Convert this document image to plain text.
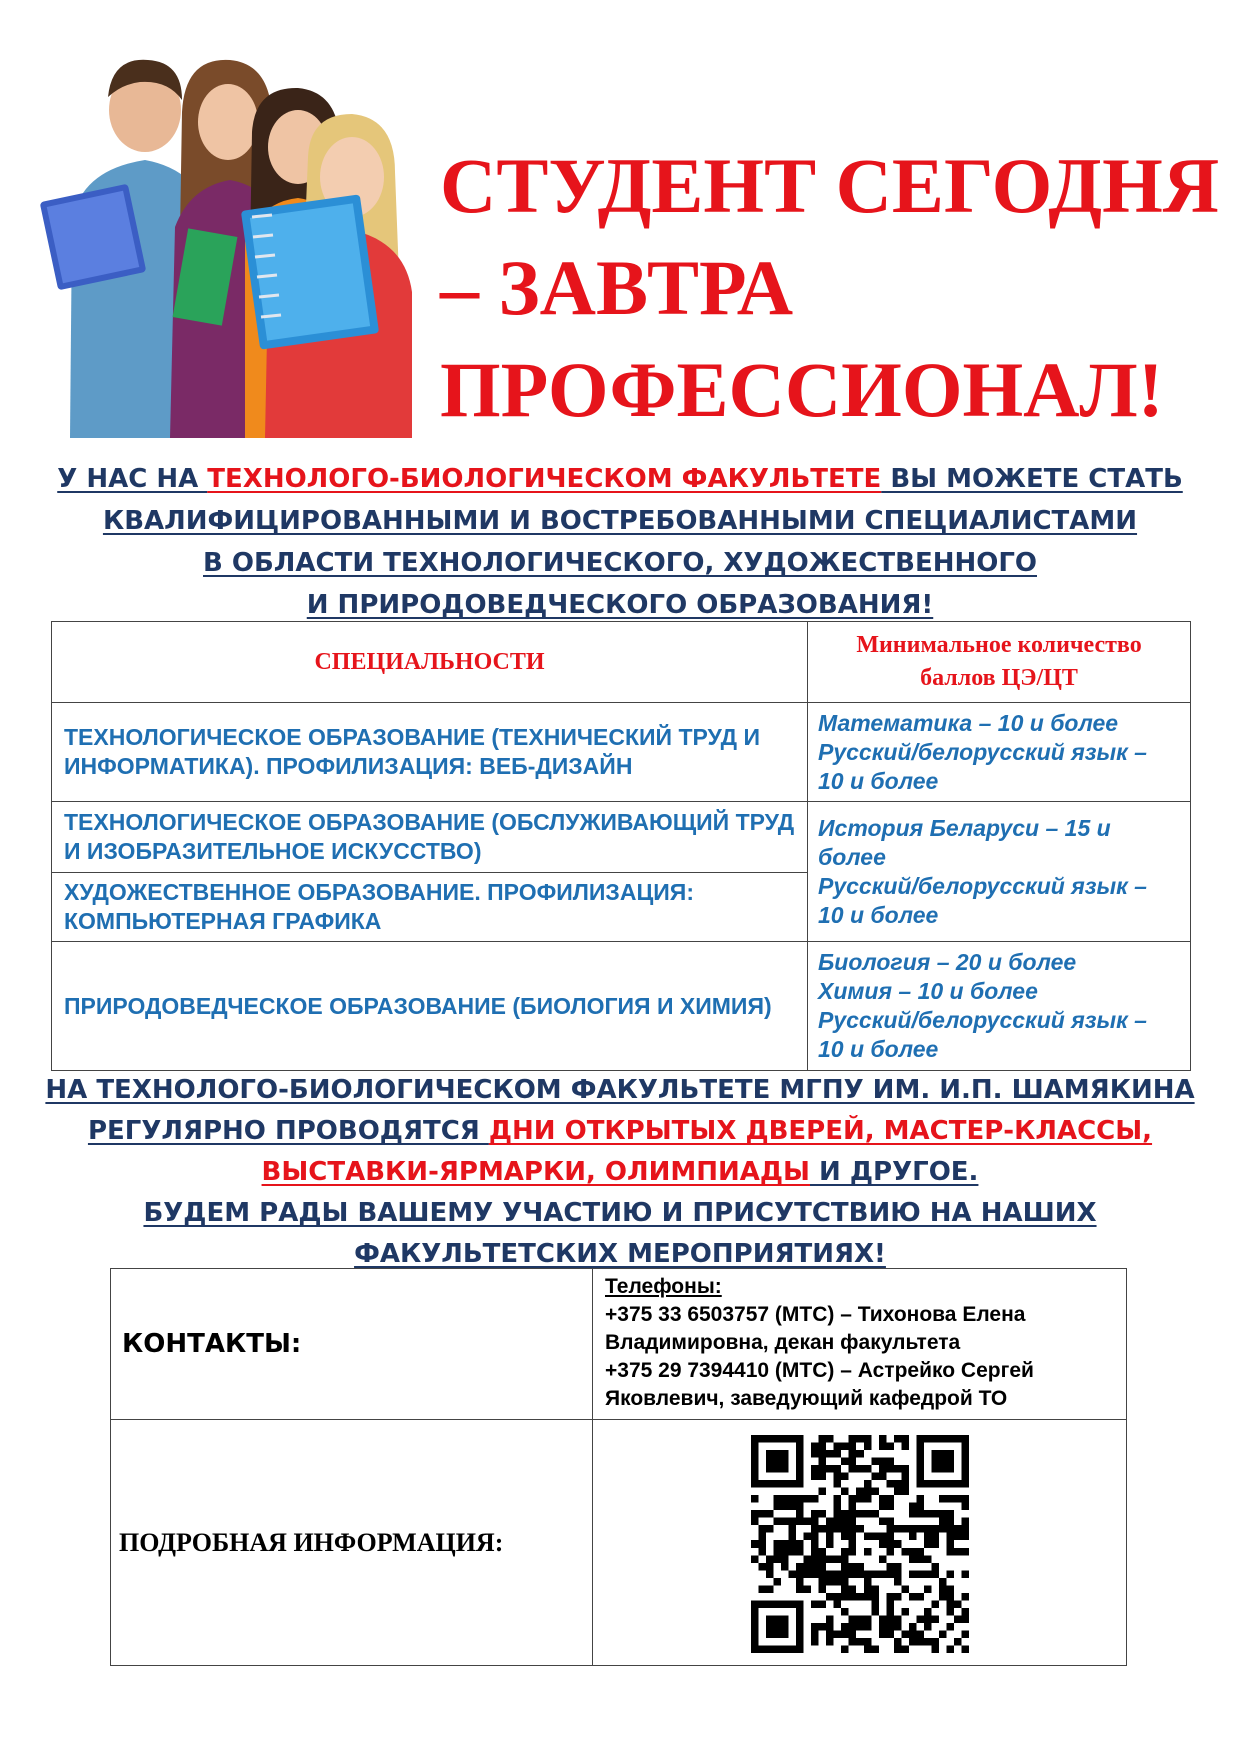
СТУДЕНТ СЕГОДНЯ
– ЗАВТРА
ПРОФЕССИОНАЛ!
У НАС НА ТЕХНОЛОГО-БИОЛОГИЧЕСКОМ ФАКУЛЬТЕТЕ ВЫ МОЖЕТЕ СТАТЬ
КВАЛИФИЦИРОВАННЫМИ И ВОСТРЕБОВАННЫМИ СПЕЦИАЛИСТАМИ
В ОБЛАСТИ ТЕХНОЛОГИЧЕСКОГО, ХУДОЖЕСТВЕННОГО
И ПРИРОДОВЕДЧЕСКОГО ОБРАЗОВАНИЯ!
СПЕЦИАЛЬНОСТИ	Минимальное количество
баллов ЦЭ/ЦТ

ТЕХНОЛОГИЧЕСКОЕ ОБРАЗОВАНИЕ (ТЕХНИЧЕСКИЙ ТРУД И ИНФОРМАТИКА). ПРОФИЛИЗАЦИЯ: ВЕБ-ДИЗАЙН	Математика – 10 и более
Русский/белорусский язык –
10 и более

ТЕХНОЛОГИЧЕСКОЕ ОБРАЗОВАНИЕ (ОБСЛУЖИВАЮЩИЙ ТРУД И ИЗОБРАЗИТЕЛЬНОЕ ИСКУССТВО)	История Беларуси – 15 и
более
Русский/белорусский язык –
10 и более

ХУДОЖЕСТВЕННОЕ ОБРАЗОВАНИЕ. ПРОФИЛИЗАЦИЯ: КОМПЬЮТЕРНАЯ ГРАФИКА	
ПРИРОДОВЕДЧЕСКОЕ ОБРАЗОВАНИЕ (БИОЛОГИЯ И ХИМИЯ)	Биология – 20 и более
Химия – 10 и более
Русский/белорусский язык –
10 и более
НА ТЕХНОЛОГО-БИОЛОГИЧЕСКОМ ФАКУЛЬТЕТЕ МГПУ ИМ. И.П. ШАМЯКИНА
РЕГУЛЯРНО ПРОВОДЯТСЯ ДНИ ОТКРЫТЫХ ДВЕРЕЙ, МАСТЕР-КЛАССЫ,
ВЫСТАВКИ-ЯРМАРКИ, ОЛИМПИАДЫ И ДРУГОЕ.
БУДЕМ РАДЫ ВАШЕМУ УЧАСТИЮ И ПРИСУТСТВИЮ НА НАШИХ
ФАКУЛЬТЕТСКИХ МЕРОПРИЯТИЯХ!
КОНТАКТЫ:	Телефоны:
+375 33 6503757 (МТС) – Тихонова Елена
Владимировна, декан факультета
+375 29 7394410 (МТС) – Астрейко Сергей
Яковлевич, заведующий кафедрой ТО

ПОДРОБНАЯ ИНФОРМАЦИЯ:	
